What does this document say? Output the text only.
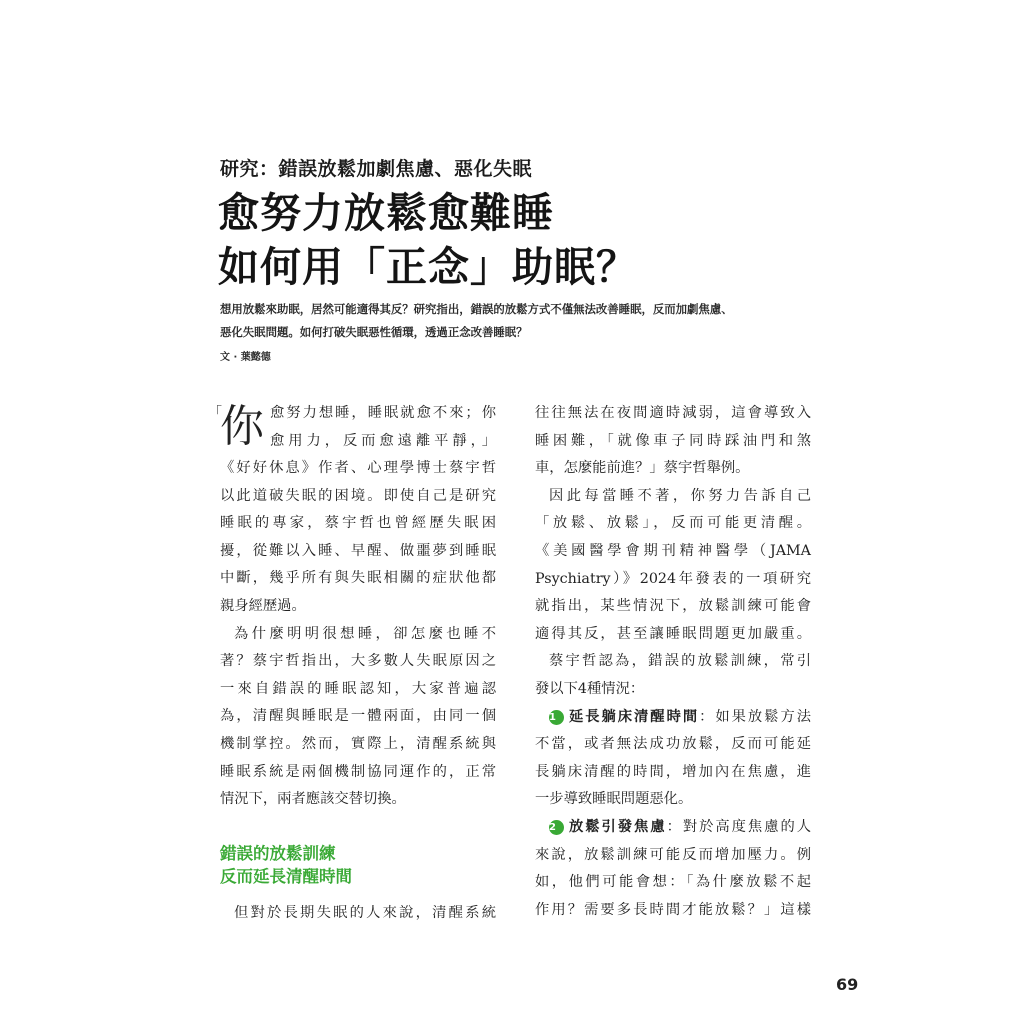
研究：錯誤放鬆加劇焦慮、惡化失眠
愈努力放鬆愈難睡
如何用「正念」助眠？

想用放鬆來助眠，居然可能適得其反？研究指出，錯誤的放鬆方式不僅無法改善睡眠，反而加劇焦慮、

惡化失眠問題。如何打破失眠惡性循環，透過正念改善睡眠？

文 · 葉懿德
「
你 愈努力想睡，睡眠就愈不來；你
愈用力，反而愈遠離平靜，」
《好好休息》作者、心理學博士蔡宇哲
以此道破失眠的困境。即使自己是研究
睡眠的專家，蔡宇哲也曾經歷失眠困
擾，從難以入睡、早醒、做噩夢到睡眠
中斷，幾乎所有與失眠相關的症狀他都
親身經歷過。
為什麼明明很想睡，卻怎麼也睡不
著？蔡宇哲指出，大多數人失眠原因之
一來自錯誤的睡眠認知，大家普遍認
為，清醒與睡眠是一體兩面，由同一個
機制掌控。然而，實際上，清醒系統與
睡眠系統是兩個機制協同運作的，正常
情況下，兩者應該交替切換。
錯誤的放鬆訓練
反而延長清醒時間
但對於長期失眠的人來說，清醒系統
往往無法在夜間適時減弱，這會導致入
睡困難，「就像車子同時踩油門和煞
車，怎麼能前進？」蔡宇哲舉例。
因此每當睡不著，你努力告訴自己
「放鬆、放鬆」，反而可能更清醒。
《美國醫學會期刊精神醫學（JAMA
Psychiatry）》2024年發表的一項研究
就指出，某些情況下，放鬆訓練可能會
適得其反，甚至讓睡眠問題更加嚴重。
蔡宇哲認為，錯誤的放鬆訓練，常引
發以下4種情況：
1 延長躺床清醒時間：如果放鬆方法
不當，或者無法成功放鬆，反而可能延
長躺床清醒的時間，增加內在焦慮，進
一步導致睡眠問題惡化。
2 放鬆引發焦慮：對於高度焦慮的人
來說，放鬆訓練可能反而增加壓力。例
如，他們可能會想：「為什麼放鬆不起
作用？需要多長時間才能放鬆？」這樣
69
